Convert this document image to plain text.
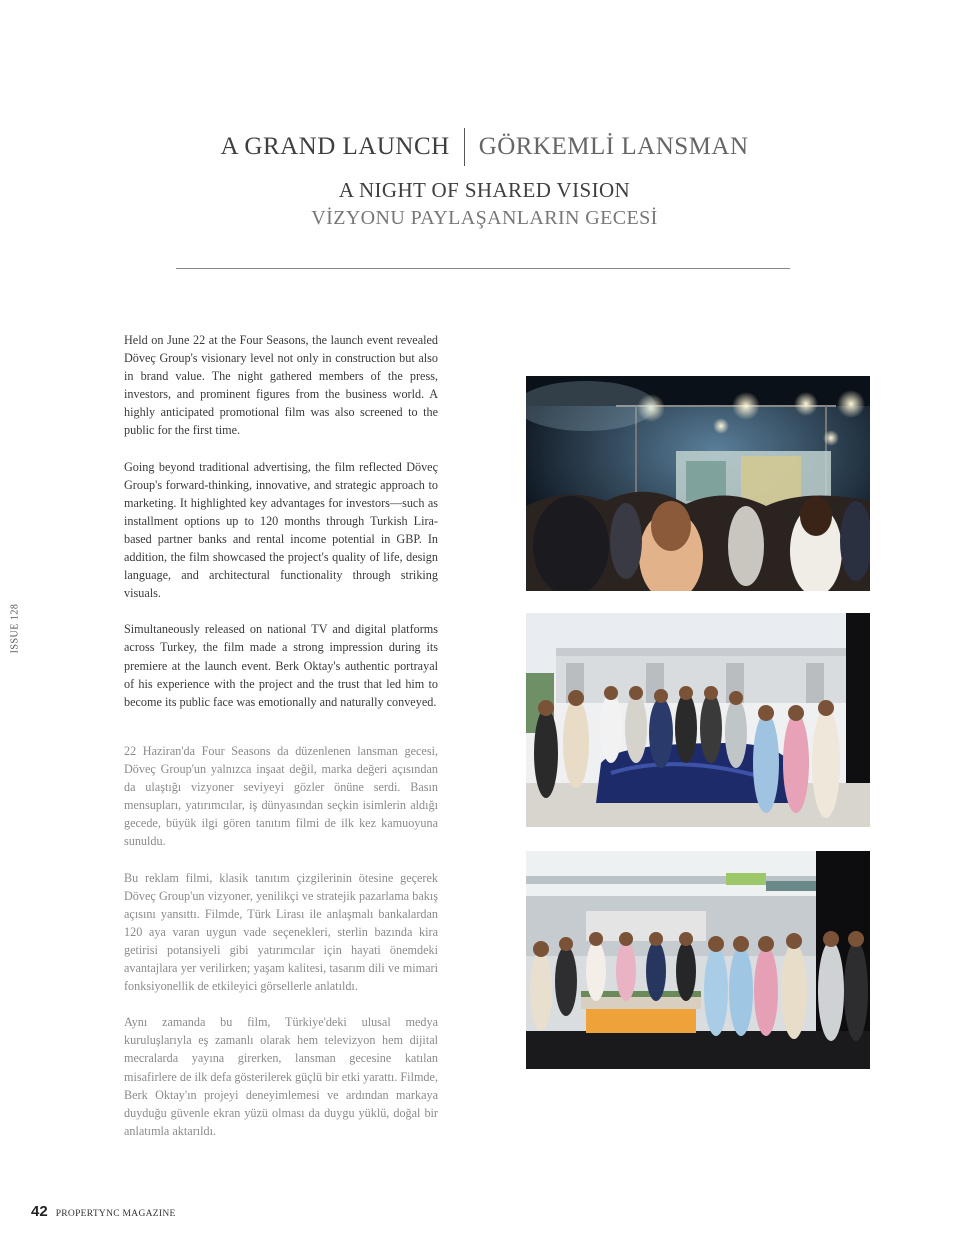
A GRAND LAUNCH GÖRKEMLİ LANSMAN
A NIGHT OF SHARED VISION
VİZYONU PAYLAŞANLARIN GECESİ
ISSUE 128

Held on June 22 at the Four Seasons, the launch event revealed Döveç Group's visionary level not only in construction but also in brand value. The night gathered members of the press, investors, and prominent figures from the business world. A highly anticipated promotional film was also screened to the public for the first time.

Going beyond traditional advertising, the film reflected Döveç Group's forward-thinking, innovative, and strategic approach to marketing. It highlighted key advantages for investors—such as installment options up to 120 months through Turkish Lira-based partner banks and rental income potential in GBP. In addition, the film showcased the project's quality of life, design language, and architectural functionality through striking visuals.

Simultaneously released on national TV and digital platforms across Turkey, the film made a strong impression during its premiere at the launch event. Berk Oktay's authentic portrayal of his experience with the project and the trust that led him to become its public face was emotionally and naturally conveyed.

22 Haziran'da Four Seasons da düzenlenen lansman gecesi, Döveç Group'un yalnızca inşaat değil, marka değeri açısından da ulaştığı vizyoner seviyeyi gözler önüne serdi. Basın mensupları, yatırımcılar, iş dünyasından seçkin isimlerin aldığı gecede, büyük ilgi gören tanıtım filmi de ilk kez kamuoyuna sunuldu.

Bu reklam filmi, klasik tanıtım çizgilerinin ötesine geçerek Döveç Group'un vizyoner, yenilikçi ve stratejik pazarlama bakış açısını yansıttı. Filmde, Türk Lirası ile anlaşmalı bankalardan 120 aya varan uygun vade seçenekleri, sterlin bazında kira getirisi potansiyeli gibi yatırımcılar için hayati önemdeki avantajlara yer verilirken; yaşam kalitesi, tasarım dili ve mimari fonksiyonellik de etkileyici görsellerle anlatıldı.

Aynı zamanda bu film, Türkiye'deki ulusal medya kuruluşlarıyla eş zamanlı olarak hem televizyon hem dijital mecralarda yayına girerken, lansman gecesine katılan misafirlere de ilk defa gösterilerek güçlü bir etki yarattı. Filmde, Berk Oktay'ın projeyi deneyimlemesi ve ardından markaya duyduğu güvenle ekran yüzü olması da duygu yüklü, doğal bir anlatımla aktarıldı.

42 PROPERTYNC MAGAZINE
